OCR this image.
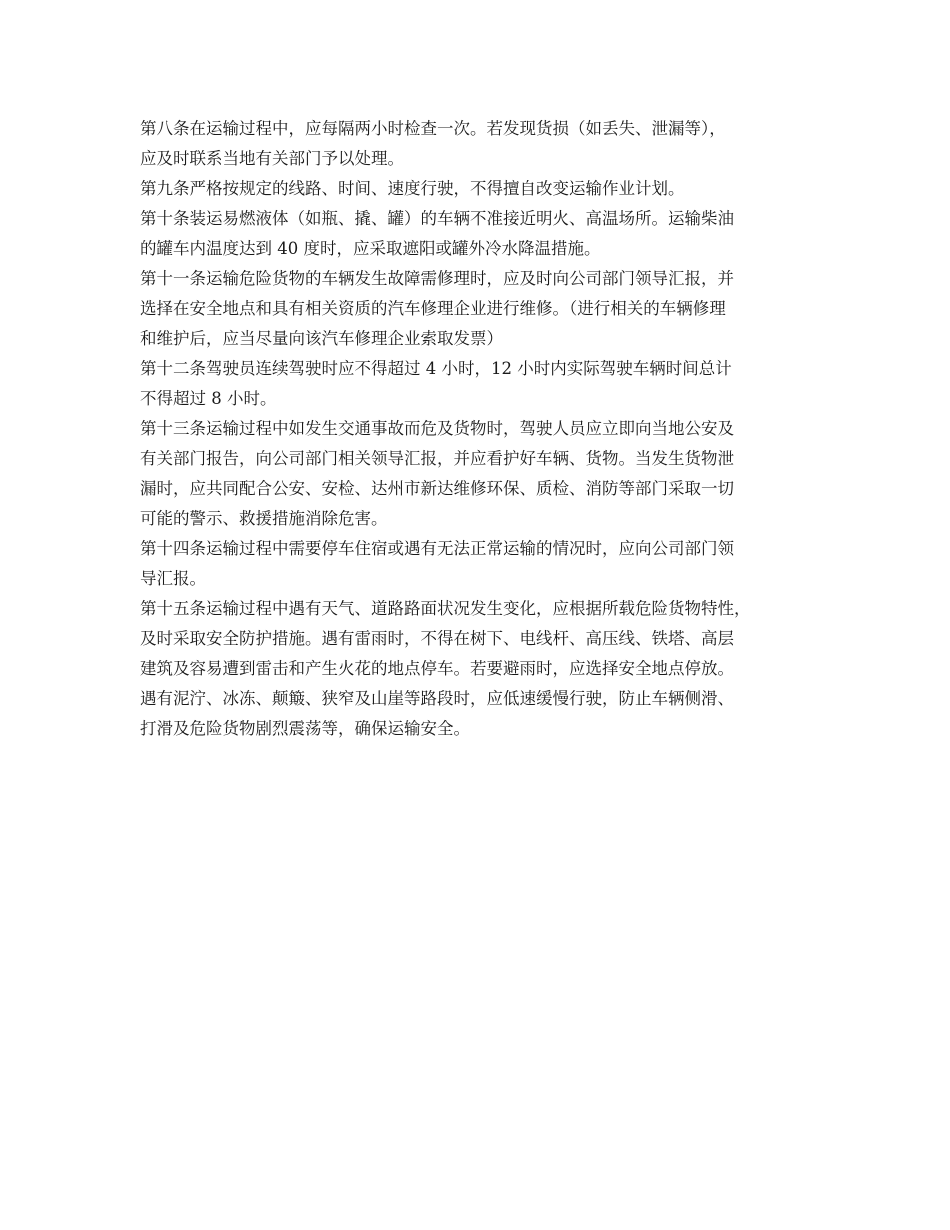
第八条在运输过程中，应每隔两小时检查一次。若发现货损（如丢失、泄漏等），

应及时联系当地有关部门予以处理。

第九条严格按规定的线路、时间、速度行驶，不得擅自改变运输作业计划。

第十条装运易燃液体（如瓶、撬、罐）的车辆不准接近明火、高温场所。运输柴油

的罐车内温度达到 40 度时，应采取遮阳或罐外冷水降温措施。

第十一条运输危险货物的车辆发生故障需修理时，应及时向公司部门领导汇报，并

选择在安全地点和具有相关资质的汽车修理企业进行维修。（进行相关的车辆修理

和维护后，应当尽量向该汽车修理企业索取发票）

第十二条驾驶员连续驾驶时应不得超过 4 小时，12 小时内实际驾驶车辆时间总计

不得超过 8 小时。

第十三条运输过程中如发生交通事故而危及货物时，驾驶人员应立即向当地公安及

有关部门报告，向公司部门相关领导汇报，并应看护好车辆、货物。当发生货物泄

漏时，应共同配合公安、安检、达州市新达维修环保、质检、消防等部门采取一切

可能的警示、救援措施消除危害。

第十四条运输过程中需要停车住宿或遇有无法正常运输的情况时，应向公司部门领

导汇报。

第十五条运输过程中遇有天气、道路路面状况发生变化，应根据所载危险货物特性，

及时采取安全防护措施。遇有雷雨时，不得在树下、电线杆、高压线、铁塔、高层

建筑及容易遭到雷击和产生火花的地点停车。若要避雨时，应选择安全地点停放。

遇有泥泞、冰冻、颠簸、狭窄及山崖等路段时，应低速缓慢行驶，防止车辆侧滑、

打滑及危险货物剧烈震荡等，确保运输安全。
